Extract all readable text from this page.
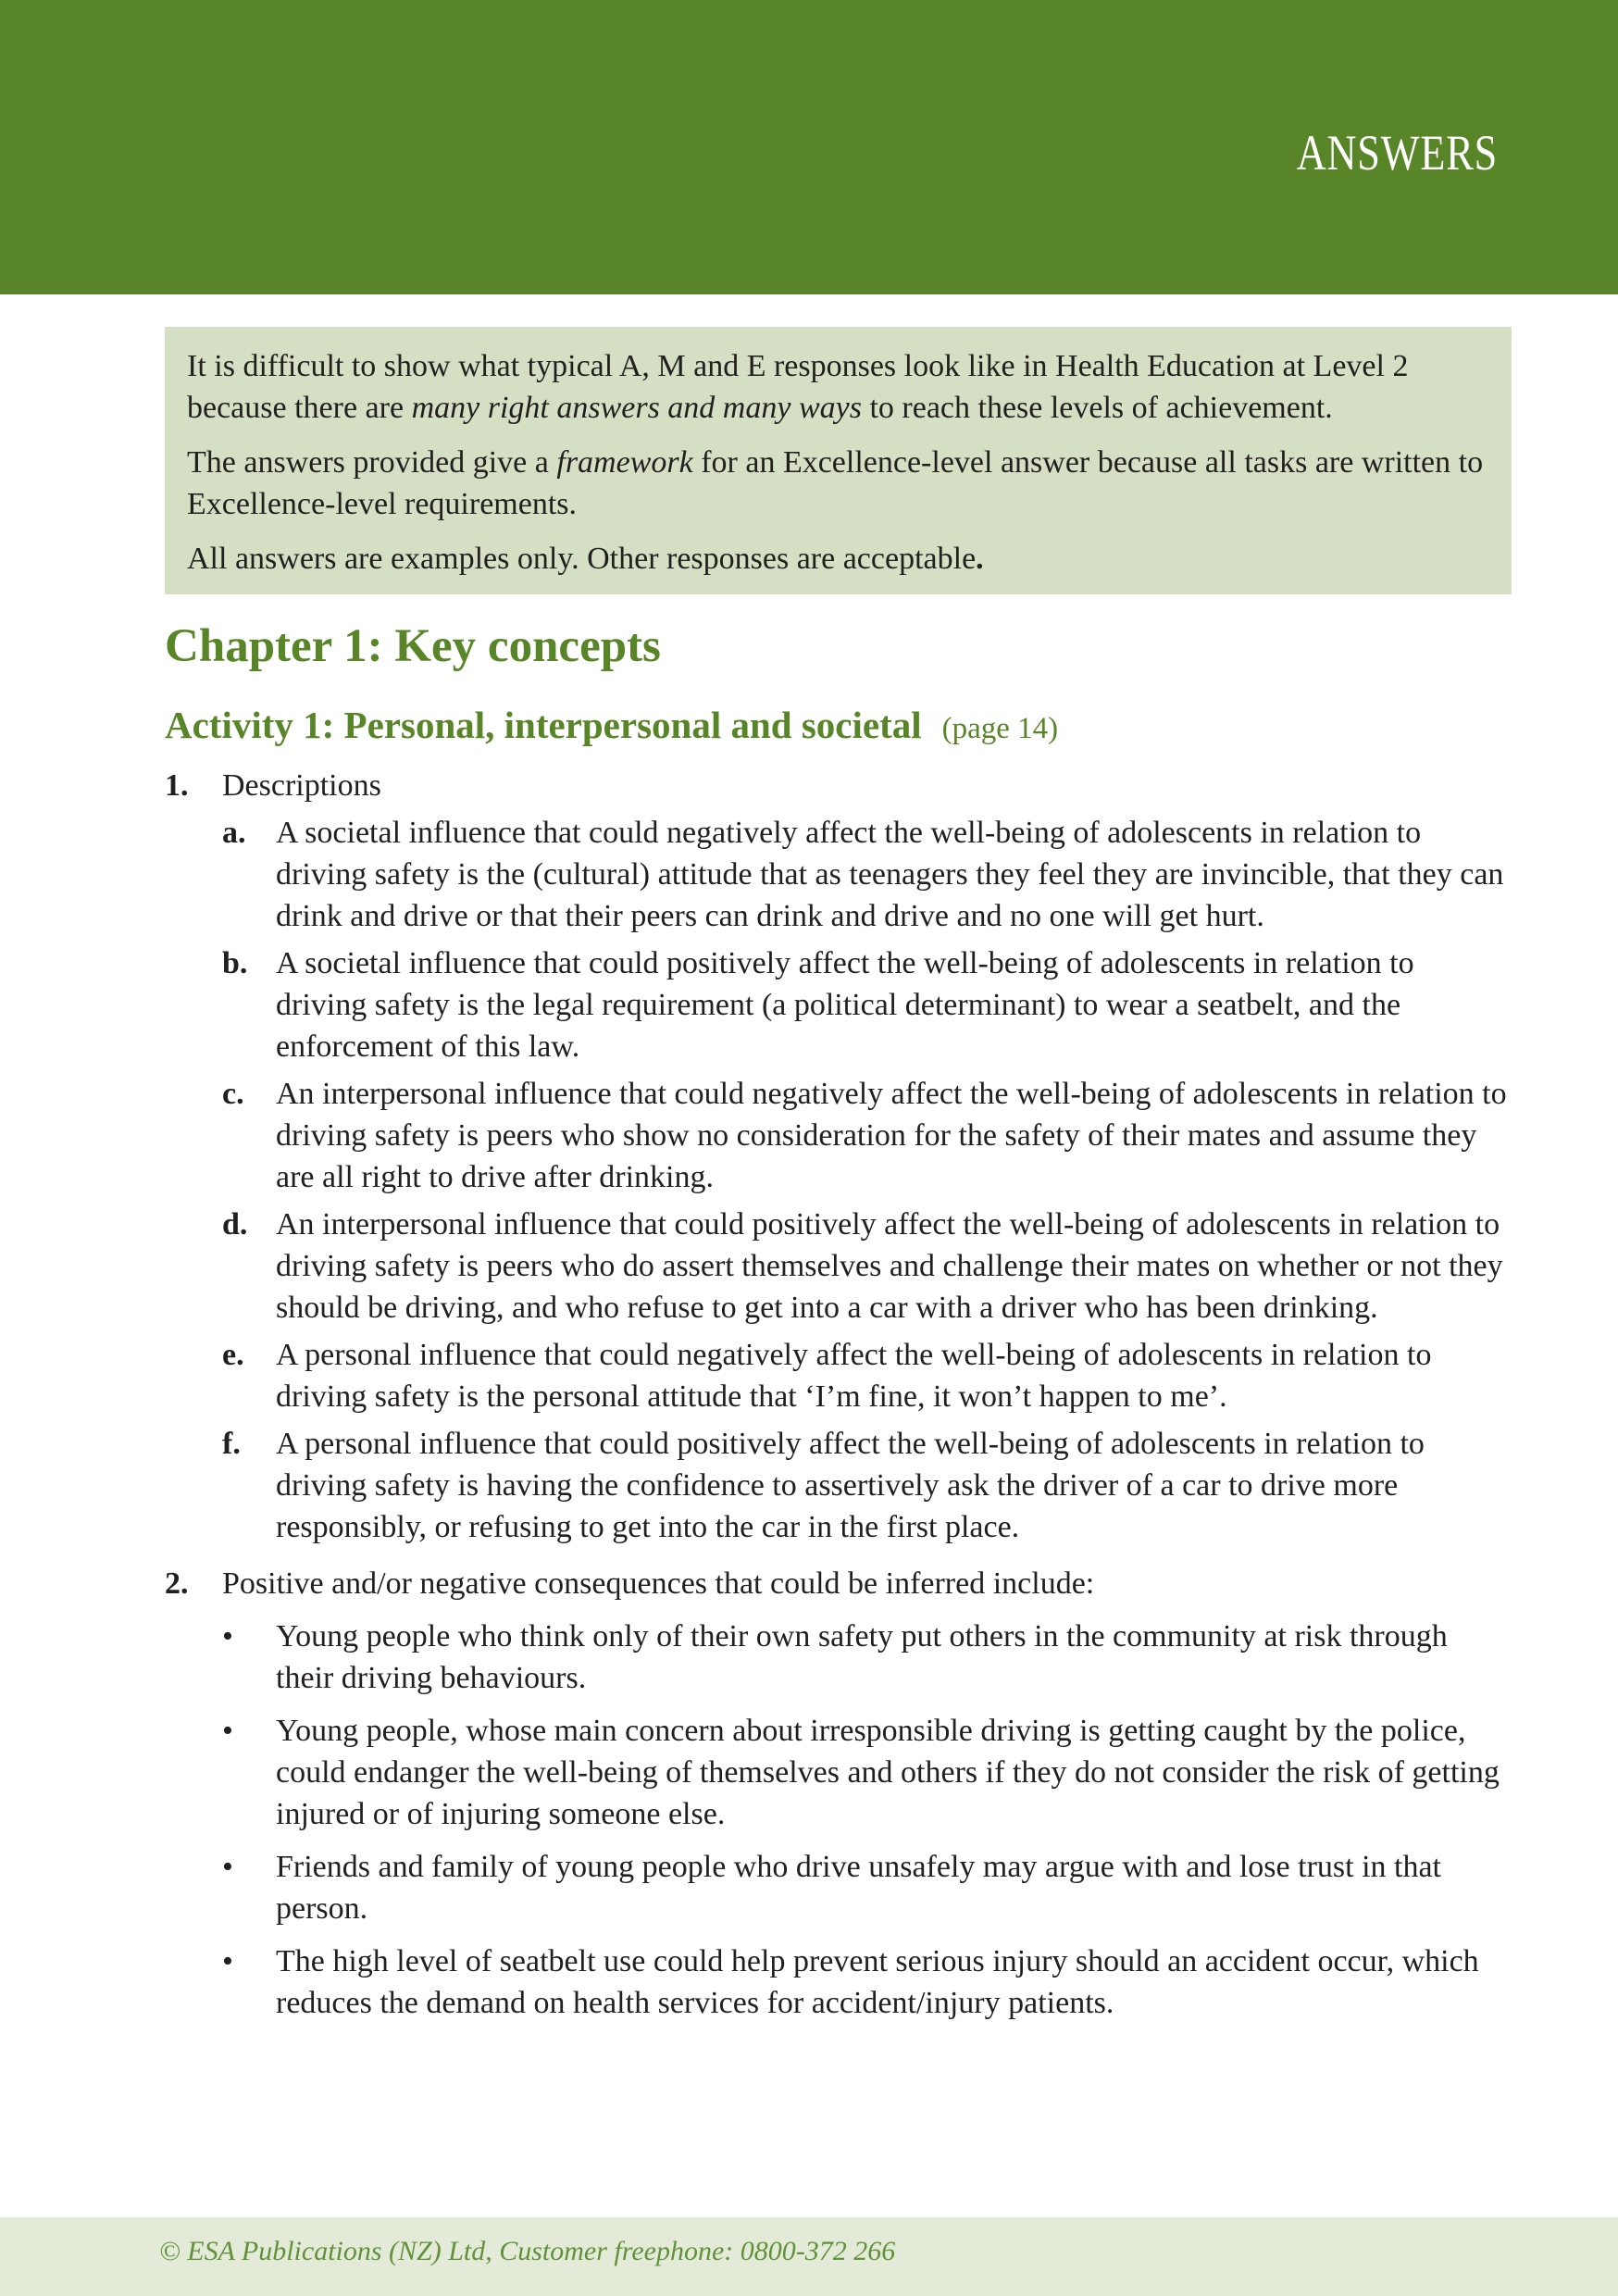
ANSWERS

It is difficult to show what typical A, M and E responses look like in Health Education at Level 2 because there are many right answers and many ways to reach these levels of achievement.

The answers provided give a framework for an Excellence-level answer because all tasks are written to Excellence-level requirements.

All answers are examples only. Other responses are acceptable.

Chapter 1: Key concepts
Activity 1: Personal, interpersonal and societal (page 14)
1.	Descriptions
a. A societal influence that could negatively affect the well-being of adolescents in relation to driving safety is the (cultural) attitude that as teenagers they feel they are invincible, that they can drink and drive or that their peers can drink and drive and no one will get hurt.
b. A societal influence that could positively affect the well-being of adolescents in relation to driving safety is the legal requirement (a political determinant) to wear a seatbelt, and the enforcement of this law.
c.	An interpersonal influence that could negatively affect the well-being of adolescents in relation to driving safety is peers who show no consideration for the safety of their mates and assume they are all right to drive after drinking.
d. An interpersonal influence that could positively affect the well-being of adolescents in relation to driving safety is peers who do assert themselves and challenge their mates on whether or not they should be driving, and who refuse to get into a car with a driver who has been drinking.
e.	A personal influence that could negatively affect the well-being of adolescents in relation to driving safety is the personal attitude that ‘I’m fine, it won’t happen to me’.
f.	A personal influence that could positively affect the well-being of adolescents in relation to driving safety is having the confidence to assertively ask the driver of a car to drive more responsibly, or refusing to get into the car in the first place.
2.	Positive and/or negative consequences that could be inferred include:
•	Young people who think only of their own safety put others in the community at risk through their driving behaviours.
•	Young people, whose main concern about irresponsible driving is getting caught by the police, could endanger the well-being of themselves and others if they do not consider the risk of getting injured or of injuring someone else.
•	Friends and family of young people who drive unsafely may argue with and lose trust in that person.
•	The high level of seatbelt use could help prevent serious injury should an accident occur, which reduces the demand on health services for accident/injury patients.
© ESA Publications (NZ) Ltd, Customer freephone: 0800-372 266
